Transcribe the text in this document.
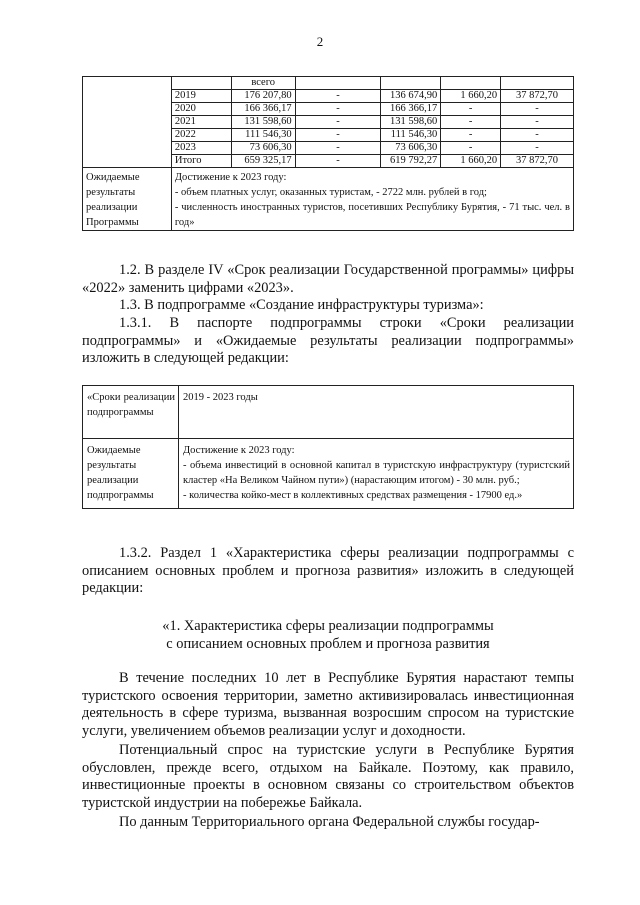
2
		всего				
	2019	176 207,80	-	136 674,90	1 660,20	37 872,70
	2020	166 366,17	-	166 366,17	-	-
	2021	131 598,60	-	131 598,60	-	-
	2022	111 546,30	-	111 546,30	-	-
	2023	73 606,30	-	73 606,30	-	-
	Итого	659 325,17	-	619 792,27	1 660,20	37 872,70
Ожидаемые результаты реализации Программы	Достижение к 2023 году:
- объем платных услуг, оказанных туристам, - 2722 млн. рублей в год;
- численность иностранных туристов, посетивших Республику Бурятия, - 71 тыс. чел. в год»					

1.2. В разделе IV «Срок реализации Государственной программы» цифры «2022» заменить цифрами «2023».

1.3. В подпрограмме «Создание инфраструктуры туризма»:

1.3.1. В паспорте подпрограммы строки «Сроки реализации подпрограммы» и «Ожидаемые результаты реализации подпрограммы» изложить в следующей редакции:

«Сроки реализации подпрограммы	2019 - 2023 годы
Ожидаемые результаты реализации подпрограммы	Достижение к 2023 году:
- объема инвестиций в основной капитал в туристскую инфраструктуру (туристский кластер «На Великом Чайном пути») (нарастающим итогом) - 30 млн. руб.;
- количества койко-мест в коллективных средствах размещения - 17900 ед.»

1.3.2. Раздел 1 «Характеристика сферы реализации подпрограммы с описанием основных проблем и прогноза развития» изложить в следующей редакции:

«1. Характеристика сферы реализации подпрограммы

с описанием основных проблем и прогноза развития

В течение последних 10 лет в Республике Бурятия нарастают темпы туристского освоения территории, заметно активизировалась инвестиционная деятельность в сфере туризма, вызванная возросшим спросом на туристские услуги, увеличением объемов реализации услуг и доходности.

Потенциальный спрос на туристские услуги в Республике Бурятия обусловлен, прежде всего, отдыхом на Байкале. Поэтому, как правило, инвестиционные проекты в основном связаны со строительством объектов туристской индустрии на побережье Байкала.

По данным Территориального органа Федеральной службы государ-
